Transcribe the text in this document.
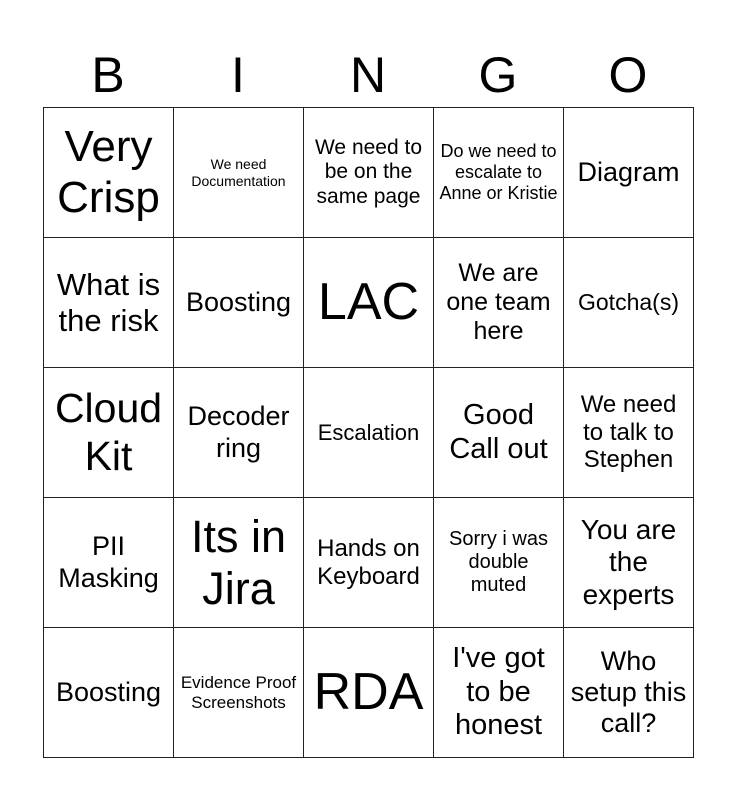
B	I	N	G	O
Very Crisp	We need Documentation	We need to be on the same page	Do we need to escalate to Anne or Kristie	Diagram
What is the risk	Boosting	LAC	We are one team here	Gotcha(s)
Cloud Kit	Decoder ring	Escalation	Good Call out	We need to talk to Stephen
PII Masking	Its in Jira	Hands on Keyboard	Sorry i was double muted	You are the experts
Boosting	Evidence Proof Screenshots	RDA	I've got to be honest	Who setup this call?
